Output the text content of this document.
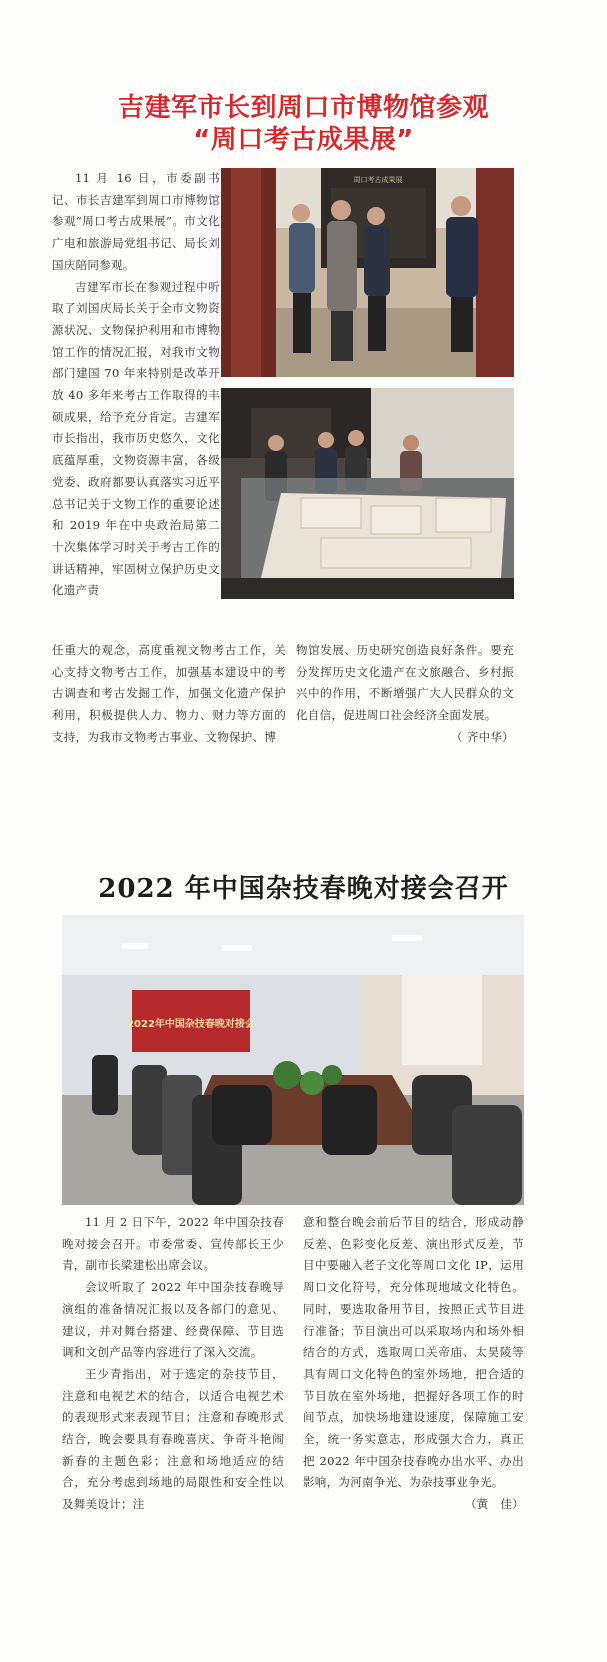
吉建军市长到周口市博物馆参观
“周口考古成果展”
11 月 16 日，市委副书记、市长吉建军到周口市博物馆参观“周口考古成果展”。市文化广电和旅游局党组书记、局长刘国庆陪同参观。
吉建军市长在参观过程中听取了刘国庆局长关于全市文物资源状况、文物保护利用和市博物馆工作的情况汇报，对我市文物部门建国 70 年来特别是改革开放 40 多年来考古工作取得的丰硕成果，给予充分肯定。吉建军市长指出，我市历史悠久，文化底蕴厚重，文物资源丰富，各级党委、政府都要认真落实习近平总书记关于文物工作的重要论述和 2019 年在中央政治局第二十次集体学习时关于考古工作的讲话精神，牢固树立保护历史文化遗产责
周口考古成果展
任重大的观念，高度重视文物考古工作，关心支持文物考古工作，加强基本建设中的考古调查和考古发掘工作，加强文化遗产保护利用，积极提供人力、物力、财力等方面的支持，为我市文物考古事业、文物保护、博
物馆发展、历史研究创造良好条件。要充分发挥历史文化遗产在文旅融合、乡村振兴中的作用，不断增强广大人民群众的文化自信，促进周口社会经济全面发展。
（ 齐中华）
2022 年中国杂技春晚对接会召开
2022年中国杂技春晚对接会
11 月 2 日下午，2022 年中国杂技春晚对接会召开。市委常委、宣传部长王少青，副市长梁建松出席会议。
会议听取了 2022 年中国杂技春晚导演组的准备情况汇报以及各部门的意见、建议，并对舞台搭建、经费保障、节目选调和文创产品等内容进行了深入交流。
王少青指出，对于选定的杂技节目，注意和电视艺术的结合，以适合电视艺术的表现形式来表现节目；注意和春晚形式结合，晚会要具有春晚喜庆、争奇斗艳闹新春的主题色彩；注意和场地适应的结合，充分考虑到场地的局限性和安全性以及舞美设计；注
意和整台晚会前后节目的结合，形成动静反差、色彩变化反差、演出形式反差，节目中要融入老子文化等周口文化 IP，运用周口文化符号，充分体现地域文化特色。同时，要选取备用节目，按照正式节目进行准备；节目演出可以采取场内和场外相结合的方式，选取周口关帝庙、太昊陵等具有周口文化特色的室外场地，把合适的节目放在室外场地，把握好各项工作的时间节点，加快场地建设速度，保障施工安全，统一务实意志，形成强大合力，真正把 2022 年中国杂技春晚办出水平、办出影响，为河南争光、为杂技事业争光。
（黄　佳）
